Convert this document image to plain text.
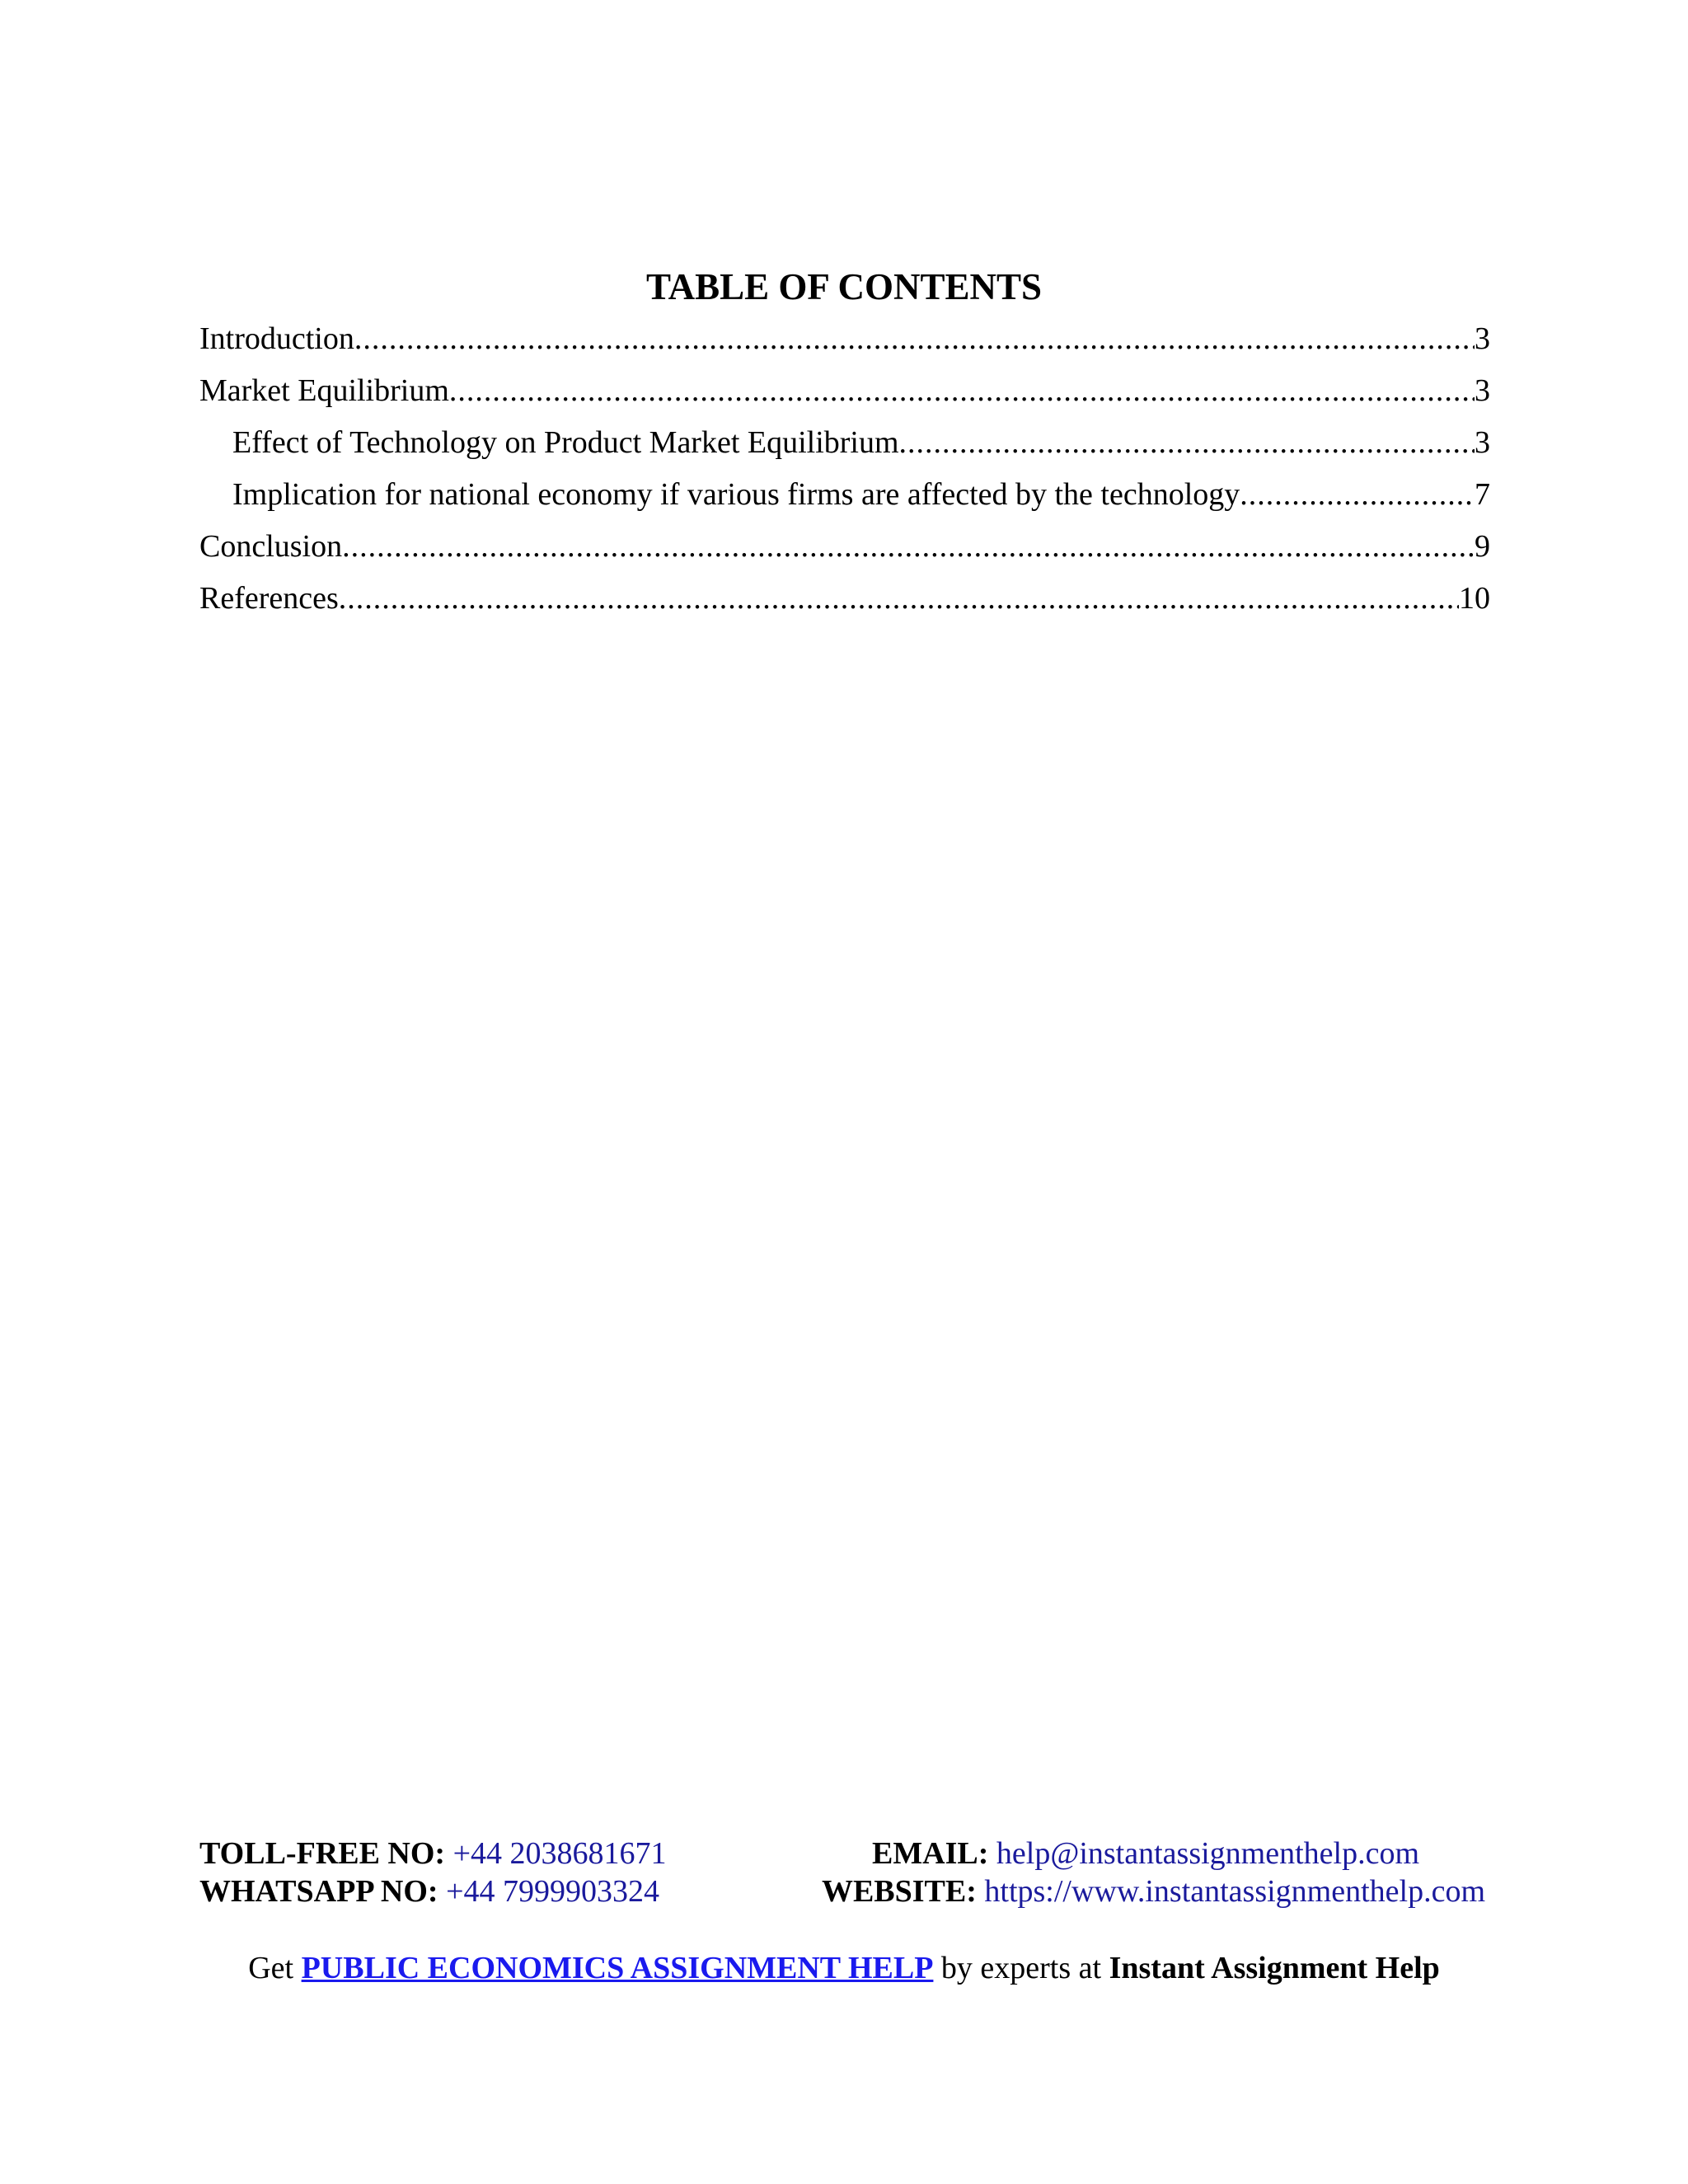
TABLE OF CONTENTS
Introduction .....	3
Market Equilibrium .....	3
Effect of Technology on Product Market Equilibrium .....	3
Implication for national economy if various firms are affected by the technology .....	7
Conclusion .....	9
References .....	10
TOLL-FREE NO: +44 2038681671	EMAIL: help@instantassignmenthelp.com
WHATSAPP NO: +44 7999903324	WEBSITE: https://www.instantassignmenthelp.com
Get PUBLIC ECONOMICS ASSIGNMENT HELP by experts at Instant Assignment Help
